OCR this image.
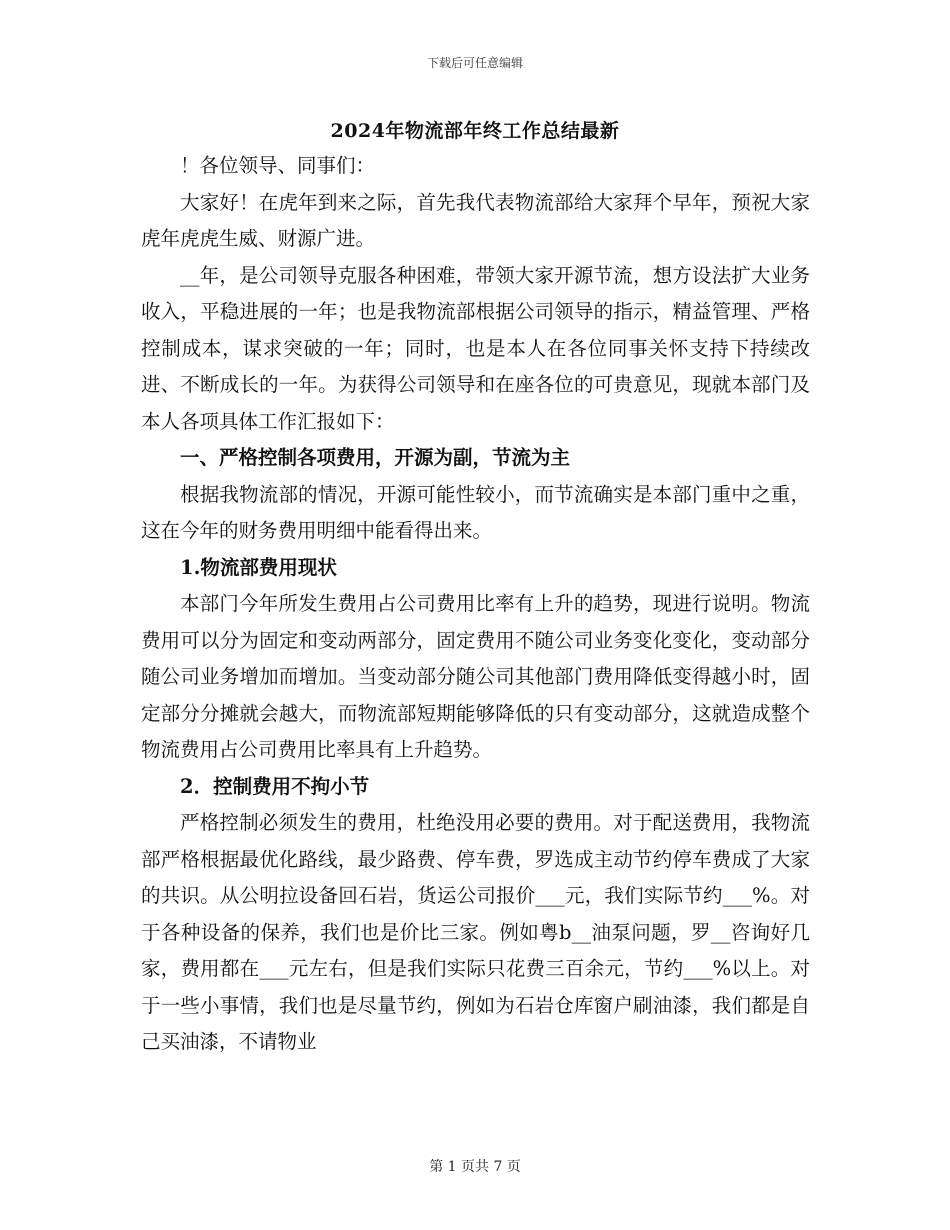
下载后可任意编辑
2024年物流部年终工作总结最新

！各位领导、同事们：

大家好！在虎年到来之际，首先我代表物流部给大家拜个早年，预祝大家虎年虎虎生威、财源广进。

__年，是公司领导克服各种困难，带领大家开源节流，想方设法扩大业务收入，平稳进展的一年；也是我物流部根据公司领导的指示，精益管理、严格控制成本，谋求突破的一年；同时，也是本人在各位同事关怀支持下持续改进、不断成长的一年。为获得公司领导和在座各位的可贵意见，现就本部门及本人各项具体工作汇报如下：

一、严格控制各项费用，开源为副，节流为主

根据我物流部的情况，开源可能性较小，而节流确实是本部门重中之重，这在今年的财务费用明细中能看得出来。

1.物流部费用现状

本部门今年所发生费用占公司费用比率有上升的趋势，现进行说明。物流费用可以分为固定和变动两部分，固定费用不随公司业务变化变化，变动部分随公司业务增加而增加。当变动部分随公司其他部门费用降低变得越小时，固定部分分摊就会越大，而物流部短期能够降低的只有变动部分，这就造成整个物流费用占公司费用比率具有上升趋势。

2．控制费用不拘小节

严格控制必须发生的费用，杜绝没用必要的费用。对于配送费用，我物流部严格根据最优化路线，最少路费、停车费，罗选成主动节约停车费成了大家的共识。从公明拉设备回石岩，货运公司报价___元，我们实际节约___%。对于各种设备的保养，我们也是价比三家。例如粤b__油泵问题，罗__咨询好几家，费用都在___元左右，但是我们实际只花费三百余元，节约___%以上。对于一些小事情，我们也是尽量节约，例如为石岩仓库窗户刷油漆，我们都是自己买油漆，不请物业

第 1 页共 7 页
